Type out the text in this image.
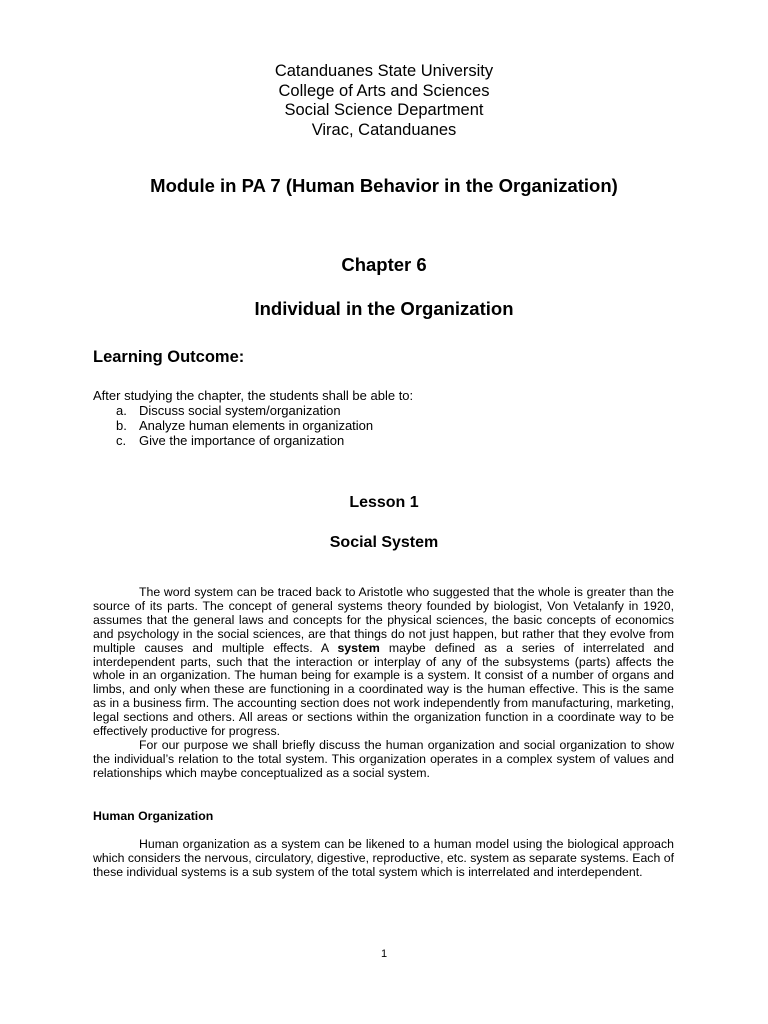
Catanduanes State University
College of Arts and Sciences
Social Science Department
Virac, Catanduanes
Module in PA 7 (Human Behavior in the Organization)
Chapter 6
Individual in the Organization
Learning Outcome:
After studying the chapter, the students shall be able to:
a. Discuss social system/organization
b. Analyze human elements in organization
c. Give the importance of organization
Lesson 1
Social System

The word system can be traced back to Aristotle who suggested that the whole is greater than the source of its parts. The concept of general systems theory founded by biologist, Von Vetalanfy in 1920, assumes that the general laws and concepts for the physical sciences, the basic concepts of economics and psychology in the social sciences, are that things do not just happen, but rather that they evolve from multiple causes and multiple effects. A system maybe defined as a series of interrelated and interdependent parts, such that the interaction or interplay of any of the subsystems (parts) affects the whole in an organization. The human being for example is a system. It consist of a number of organs and limbs, and only when these are functioning in a coordinated way is the human effective. This is the same as in a business firm. The accounting section does not work independently from manufacturing, marketing, legal sections and others. All areas or sections within the organization function in a coordinate way to be effectively productive for progress.

For our purpose we shall briefly discuss the human organization and social organization to show the individual’s relation to the total system. This organization operates in a complex system of values and relationships which maybe conceptualized as a social system.

Human Organization

Human organization as a system can be likened to a human model using the biological approach which considers the nervous, circulatory, digestive, reproductive, etc. system as separate systems. Each of these individual systems is a sub system of the total system which is interrelated and interdependent.

1
